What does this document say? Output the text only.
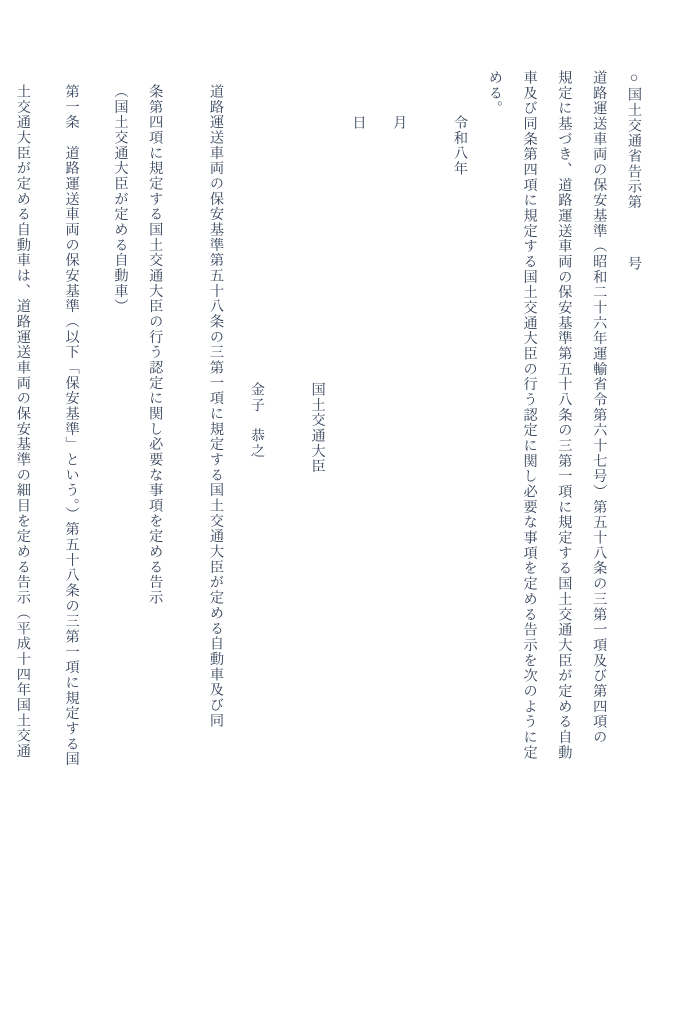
○国土交通省告示第　　　号
道路運送車両の保安基準（昭和二十六年運輸省令第六十七号）第五十八条の三第一項及び第四項の
規定に基づき、道路運送車両の保安基準第五十八条の三第一項に規定する国土交通大臣が定める自動
車及び同条第四項に規定する国土交通大臣の行う認定に関し必要な事項を定める告示を次のように定
める。
令和八年
月
日
国土交通大臣
金子　恭之
道路運送車両の保安基準第五十八条の三第一項に規定する国土交通大臣が定める自動車及び同
条第四項に規定する国土交通大臣の行う認定に関し必要な事項を定める告示
（国土交通大臣が定める自動車）
第一条　道路運送車両の保安基準（以下「保安基準」という。）第五十八条の三第一項に規定する国
土交通大臣が定める自動車は、道路運送車両の保安基準の細目を定める告示（平成十四年国土交通
